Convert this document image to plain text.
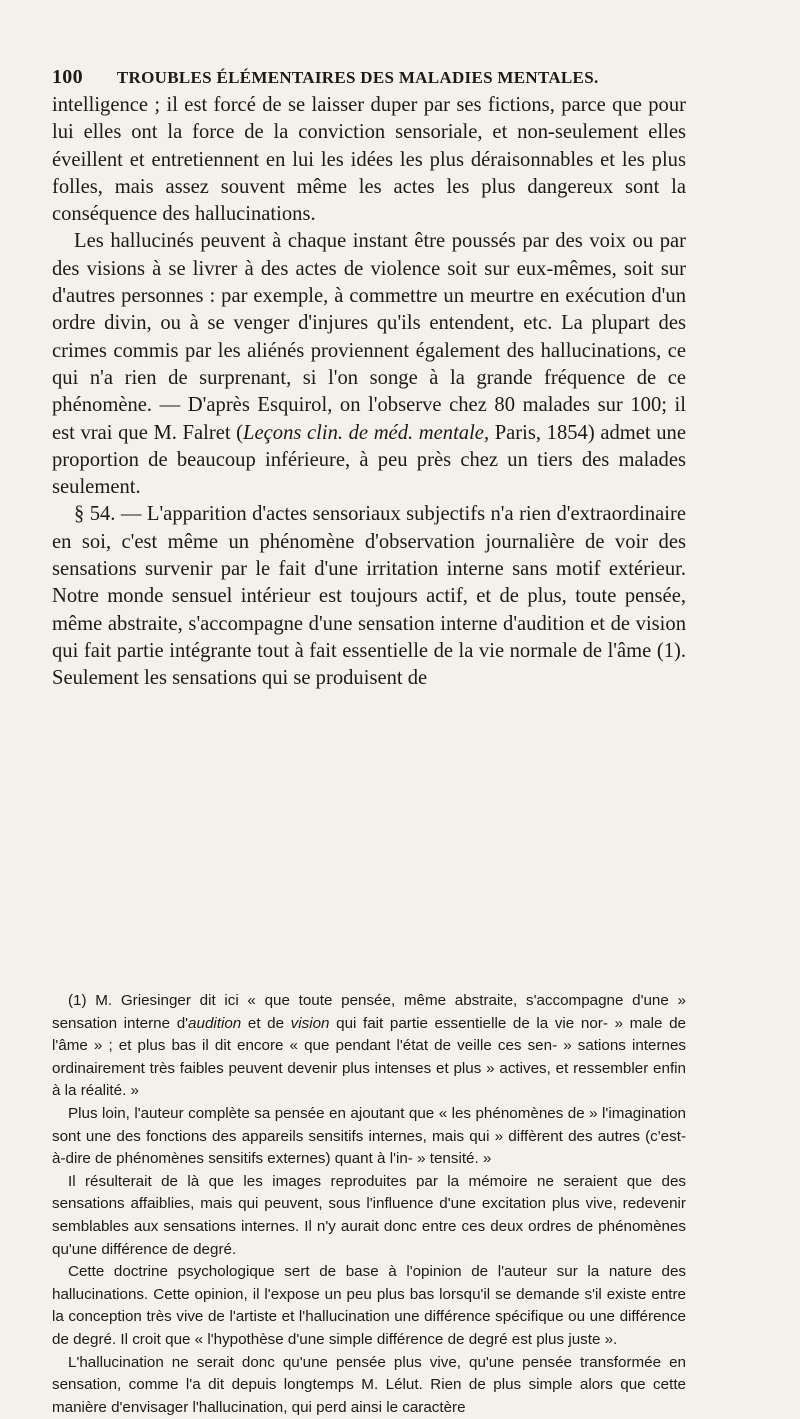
100 TROUBLES ÉLÉMENTAIRES DES MALADIES MENTALES.

intelligence ; il est forcé de se laisser duper par ses fictions, parce que pour lui elles ont la force de la conviction sensoriale, et non-seulement elles éveillent et entretiennent en lui les idées les plus déraisonnables et les plus folles, mais assez souvent même les actes les plus dangereux sont la conséquence des hallucinations.

Les hallucinés peuvent à chaque instant être poussés par des voix ou par des visions à se livrer à des actes de violence soit sur eux-mêmes, soit sur d'autres personnes : par exemple, à commettre un meurtre en exécution d'un ordre divin, ou à se venger d'injures qu'ils entendent, etc. La plupart des crimes commis par les aliénés proviennent également des hallucinations, ce qui n'a rien de surprenant, si l'on songe à la grande fréquence de ce phénomène. — D'après Esquirol, on l'observe chez 80 malades sur 100; il est vrai que M. Falret (Leçons clin. de méd. mentale, Paris, 1854) admet une proportion de beaucoup inférieure, à peu près chez un tiers des malades seulement.

§ 54. — L'apparition d'actes sensoriaux subjectifs n'a rien d'extraordinaire en soi, c'est même un phénomène d'observation journalière de voir des sensations survenir par le fait d'une irritation interne sans motif extérieur. Notre monde sensuel intérieur est toujours actif, et de plus, toute pensée, même abstraite, s'accompagne d'une sensation interne d'audition et de vision qui fait partie intégrante tout à fait essentielle de la vie normale de l'âme (1). Seulement les sensations qui se produisent de

(1) M. Griesinger dit ici « que toute pensée, même abstraite, s'accompagne d'une » sensation interne d'audition et de vision qui fait partie essentielle de la vie nor- » male de l'âme » ; et plus bas il dit encore « que pendant l'état de veille ces sen- » sations internes ordinairement très faibles peuvent devenir plus intenses et plus » actives, et ressembler enfin à la réalité. »

Plus loin, l'auteur complète sa pensée en ajoutant que « les phénomènes de » l'imagination sont une des fonctions des appareils sensitifs internes, mais qui » diffèrent des autres (c'est-à-dire de phénomènes sensitifs externes) quant à l'in- » tensité. »

Il résulterait de là que les images reproduites par la mémoire ne seraient que des sensations affaiblies, mais qui peuvent, sous l'influence d'une excitation plus vive, redevenir semblables aux sensations internes. Il n'y aurait donc entre ces deux ordres de phénomènes qu'une différence de degré.

Cette doctrine psychologique sert de base à l'opinion de l'auteur sur la nature des hallucinations. Cette opinion, il l'expose un peu plus bas lorsqu'il se demande s'il existe entre la conception très vive de l'artiste et l'hallucination une différence spécifique ou une différence de degré. Il croit que « l'hypothèse d'une simple différence de degré est plus juste ».

L'hallucination ne serait donc qu'une pensée plus vive, qu'une pensée transformée en sensation, comme l'a dit depuis longtemps M. Lélut. Rien de plus simple alors que cette manière d'envisager l'hallucination, qui perd ainsi le caractère
